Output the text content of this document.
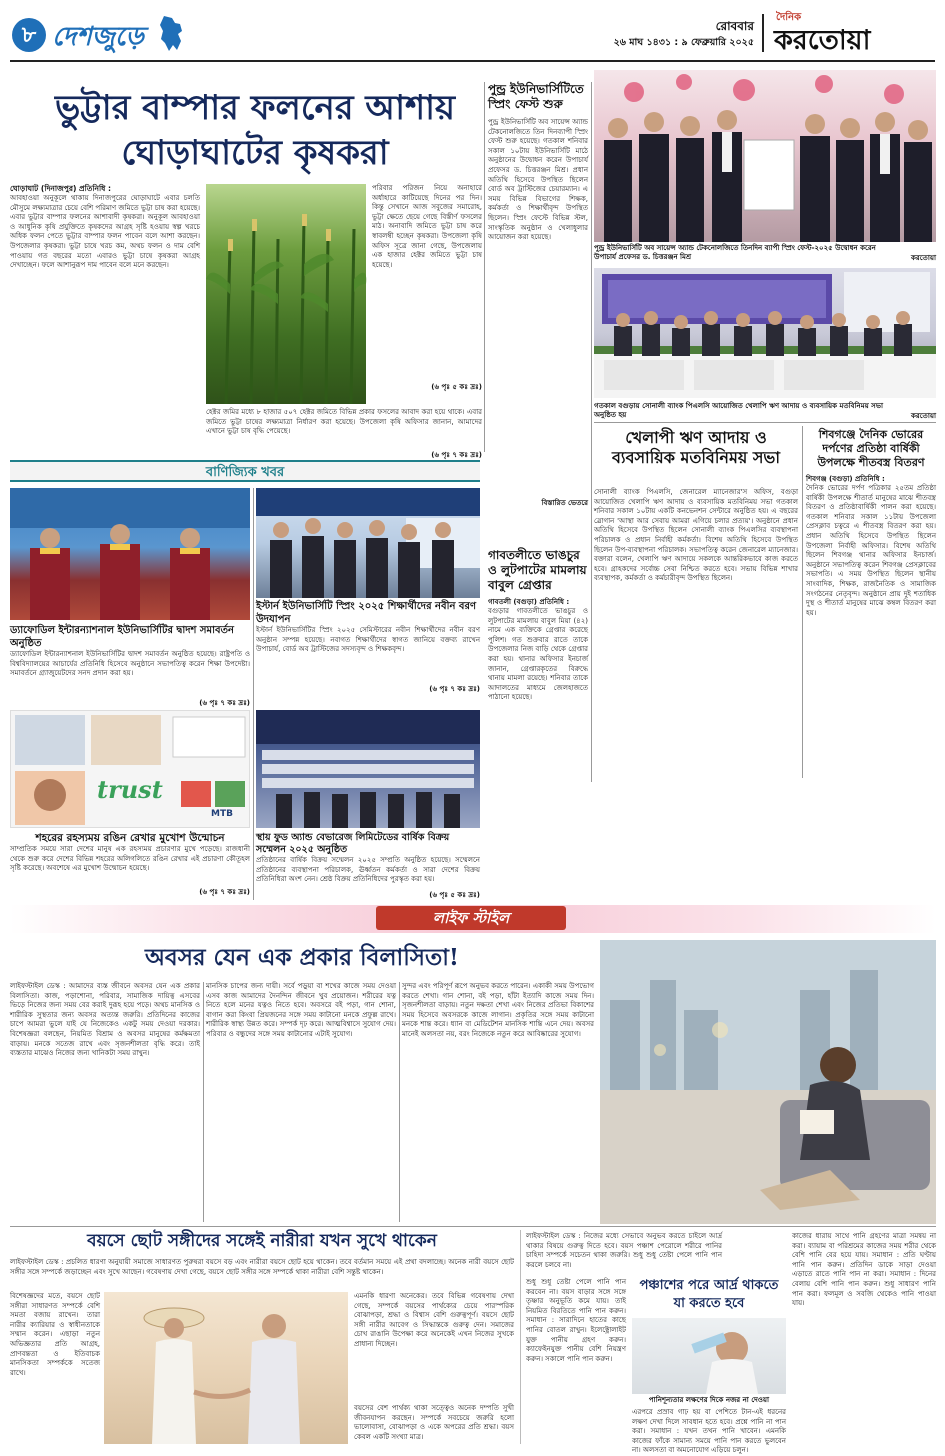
৮ দেশজুড়ে	রোববার
২৬ মাঘ ১৪৩১ : ৯ ফেব্রুয়ারি ২০২৫
দৈনিক
করতোয়া
ভুট্টার বাম্পার ফলনের আশায়
ঘোড়াঘাটের কৃষকরা
ঘোড়াঘাট (দিনাজপুর) প্রতিনিধি :
আবহাওয়া অনুকূলে থাকায় দিনাজপুরের ঘোড়াঘাটে এবার চলতি মৌসুমে লক্ষ্যমাত্রার চেয়ে বেশি পরিমাণ জমিতে ভুট্টা চাষ করা হয়েছে। এবার ভুট্টার বাম্পার ফলনের আশাবাদী কৃষকরা। অনুকূল আবহাওয়া ও আধুনিক কৃষি প্রযুক্তিতে কৃষকদের আগ্রহ সৃষ্টি হওয়ায় স্বল্প খরচে অধিক ফলন পেতে ভুট্টার বাম্পার ফলন পাবেন বলে আশা করছেন। উপজেলার কৃষকরা। ভুট্টা চাষে খরচ কম, অথচ ফলন ও দাম বেশি পাওয়ায় গত বছরের মতো এবারও ভুট্টা চাষে কৃষকরা আগ্রহ দেখাচ্ছেন। ফলে আশানুরূপ দাম পাবেন বলে মনে করছেন।
পরিবার পরিজন নিয়ে অনাহারে অর্ধাহারে কাটিয়েছে দিনের পর দিন। কিন্তু সেখানে আজ সবুজের সমারোহ, ভুট্টা ক্ষেতে ছেয়ে গেছে বিস্তীর্ণ ফসলের মাঠ। অনাবাদি জমিতে ভুট্টা চাষ করে স্বাবলম্বী হচ্ছেন কৃষকরা। উপজেলা কৃষি অফিস সূত্রে জানা গেছে, উপজেলায় এক হাজার হেক্টর জমিতে ভুট্টা চাষ হয়েছে।
(৬ পৃঃ ৫ কঃ দ্রঃ)
হেক্টর জমির মধ্যে ৮ হাজার ৫০৭ হেক্টর জমিতে বিভিন্ন প্রকার ফসলের আবাদ করা হয়ে থাকে। এবার জমিতে ভুট্টা চাষের লক্ষ্যমাত্রা নির্ধারণ করা হয়েছে। উপজেলা কৃষি অফিসার জানান, আমাদের এখানে ভুট্টা চাষ বৃদ্ধি পেয়েছে।
(৬ পৃঃ ৭ কঃ দ্রঃ)
পুন্ড্র ইউনিভার্সিটিতে স্প্রিং ফেস্ট শুরু
পুন্ড্র ইউনিভার্সিটি অব সায়েন্স অ্যান্ড টেকনোলজিতে তিন দিনব্যাপী স্প্রিং ফেস্ট শুরু হয়েছে। গতকাল শনিবার সকাল ১০টায় ইউনিভার্সিটি মাঠে অনুষ্ঠানের উদ্বোধন করেন উপাচার্য প্রফেসর ড. চিত্তরঞ্জন মিশ্র। প্রধান অতিথি হিসেবে উপস্থিত ছিলেন বোর্ড অব ট্রাস্টিজের চেয়ারম্যান। এ সময় বিভিন্ন বিভাগের শিক্ষক, কর্মকর্তা ও শিক্ষার্থীবৃন্দ উপস্থিত ছিলেন। স্প্রিং ফেস্টে বিভিন্ন স্টল, সাংস্কৃতিক অনুষ্ঠান ও খেলাধুলার আয়োজন করা হয়েছে।
বিস্তারিত ভেতরে
পুন্ড্র ইউনিভার্সিটি অব সায়েন্স অ্যান্ড টেকনোলজিতে তিনদিন ব্যাপী স্প্রিং ফেস্ট-২০২৫ উদ্বোধন করেন উপাচার্য প্রফেসর ড. চিত্তরঞ্জন মিশ্র	করতোয়া
গতকাল বগুড়ায় সোনালী ব্যাংক পিএলসি আয়োজিত খেলাপি ঋণ আদায় ও ব্যবসায়িক মতবিনিময় সভা অনুষ্ঠিত হয়	করতোয়া
গাবতলীতে ভাঙচুর ও লুটপাটের মামলায় বাবুল গ্রেপ্তার
গাবতলী (বগুড়া) প্রতিনিধি :
বগুড়ার গাবতলীতে ভাঙচুর ও লুটপাটের মামলায় বাবুল মিয়া (৪২) নামে এক ব্যক্তিকে গ্রেপ্তার করেছে পুলিশ। গত শুক্রবার রাতে তাকে উপজেলার নিজ বাড়ি থেকে গ্রেপ্তার করা হয়। থানার অফিসার ইনচার্জ জানান, গ্রেপ্তারকৃতের বিরুদ্ধে থানায় মামলা রয়েছে। শনিবার তাকে আদালতের মাধ্যমে জেলহাজতে পাঠানো হয়েছে।
খেলাপী ঋণ আদায় ও ব্যবসায়িক মতবিনিময় সভা
সোনালী ব্যাংক পিএলসি, জেনারেল ম্যানেজার'স অফিস, বগুড়া আয়োজিত খেলাপি ঋণ আদায় ও ব্যবসায়িক মতবিনিময় সভা গতকাল শনিবার সকাল ১০টায় একটি কনভেনশন সেন্টারে অনুষ্ঠিত হয়। এ বছরের স্লোগান 'আস্থা আর সেবায় আমরা এগিয়ে চলার প্রত্যয়'। অনুষ্ঠানে প্রধান অতিথি হিসেবে উপস্থিত ছিলেন সোনালী ব্যাংক পিএলসির ব্যবস্থাপনা পরিচালক ও প্রধান নির্বাহী কর্মকর্তা। বিশেষ অতিথি হিসেবে উপস্থিত ছিলেন উপ-ব্যবস্থাপনা পরিচালক। সভাপতিত্ব করেন জেনারেল ম্যানেজার। বক্তারা বলেন, খেলাপি ঋণ আদায়ে সকলকে আন্তরিকভাবে কাজ করতে হবে। গ্রাহকদের সর্বোচ্চ সেবা নিশ্চিত করতে হবে। সভায় বিভিন্ন শাখার ব্যবস্থাপক, কর্মকর্তা ও কর্মচারীবৃন্দ উপস্থিত ছিলেন।
শিবগঞ্জে দৈনিক ভোরের দর্পণের প্রতিষ্ঠা বার্ষিকী উপলক্ষে শীতবস্ত্র বিতরণ
শিবগঞ্জ (বগুড়া) প্রতিনিধি :
দৈনিক ভোরের দর্পণ পত্রিকার ২৫তম প্রতিষ্ঠা বার্ষিকী উপলক্ষে শীতার্ত মানুষের মাঝে শীতবস্ত্র বিতরণ ও প্রতিষ্ঠাবার্ষিকী পালন করা হয়েছে। গতকাল শনিবার সকাল ১১টায় উপজেলা প্রেসক্লাব চত্বরে এ শীতবস্ত্র বিতরণ করা হয়। প্রধান অতিথি হিসেবে উপস্থিত ছিলেন উপজেলা নির্বাহী অফিসার। বিশেষ অতিথি ছিলেন শিবগঞ্জ থানার অফিসার ইনচার্জ। অনুষ্ঠানে সভাপতিত্ব করেন শিবগঞ্জ প্রেসক্লাবের সভাপতি। এ সময় উপস্থিত ছিলেন স্থানীয় সাংবাদিক, শিক্ষক, রাজনৈতিক ও সামাজিক সংগঠনের নেতৃবৃন্দ। অনুষ্ঠানে প্রায় দুই শতাধিক দুস্থ ও শীতার্ত মানুষের মাঝে কম্বল বিতরণ করা হয়।
বাণিজ্যিক খবর
ড্যাফোডিল ইন্টারন্যাশনাল ইউনিভার্সিটির দ্বাদশ সমাবর্তন অনুষ্ঠিত
ড্যাফোডিল ইন্টারন্যাশনাল ইউনিভার্সিটির দ্বাদশ সমাবর্তন অনুষ্ঠিত হয়েছে। রাষ্ট্রপতি ও বিশ্ববিদ্যালয়ের আচার্যের প্রতিনিধি হিসেবে অনুষ্ঠানে সভাপতিত্ব করেন শিক্ষা উপদেষ্টা। সমাবর্তনে গ্র্যাজুয়েটদের সনদ প্রদান করা হয়।
(৬ পৃঃ ৭ কঃ দ্রঃ)
ইস্টার্ন ইউনিভার্সিটি স্প্রিং ২০২৫ শিক্ষার্থীদের নবীন বরণ উদযাপন
ইস্টার্ন ইউনিভার্সিটির স্প্রিং ২০২৫ সেমিস্টারের নবীন শিক্ষার্থীদের নবীন বরণ অনুষ্ঠান সম্পন্ন হয়েছে। নবাগত শিক্ষার্থীদের স্বাগত জানিয়ে বক্তব্য রাখেন উপাচার্য, বোর্ড অব ট্রাস্টিজের সদস্যবৃন্দ ও শিক্ষকবৃন্দ।
(৬ পৃঃ ৭ কঃ দ্রঃ)
trust
MTB
শহরের রহস্যময় রঙিন রেখার মুখোশ উন্মোচন
সাম্প্রতিক সময়ে সারা দেশের মানুষ এক রহস্যময় প্রচারণার মুখে পড়েছে। রাজধানী থেকে শুরু করে দেশের বিভিন্ন শহরের অলিগলিতে রঙিন রেখার এই প্রচারণা কৌতূহল সৃষ্টি করেছে। অবশেষে এর মুখোশ উন্মোচন হয়েছে।
(৬ পৃঃ ৭ কঃ দ্রঃ)
স্থায় ফুড অ্যান্ড বেভারেজ লিমিটেডের বার্ষিক বিক্রয় সম্মেলন ২০২৫ অনুষ্ঠিত
প্রতিষ্ঠানের বার্ষিক বিক্রয় সম্মেলন ২০২৫ সম্প্রতি অনুষ্ঠিত হয়েছে। সম্মেলনে প্রতিষ্ঠানের ব্যবস্থাপনা পরিচালক, ঊর্ধ্বতন কর্মকর্তা ও সারা দেশের বিক্রয় প্রতিনিধিরা অংশ নেন। শ্রেষ্ঠ বিক্রয় প্রতিনিধিদের পুরস্কৃত করা হয়।
(৬ পৃঃ ৫ কঃ দ্রঃ)
লাইফ স্টাইল
অবসর যেন এক প্রকার বিলাসিতা!
লাইফস্টাইল ডেস্ক : আমাদের ব্যস্ত জীবনে অবসর যেন এক প্রকার বিলাসিতা। কাজ, পড়াশোনা, পরিবার, সামাজিক দায়িত্ব এসবের ভিড়ে নিজের জন্য সময় বের করাই দুরূহ হয়ে পড়ে। অথচ মানসিক ও শারীরিক সুস্থতার জন্য অবসর অত্যন্ত জরুরি। প্রতিদিনের কাজের চাপে আমরা ভুলে যাই যে নিজেকেও একটু সময় দেওয়া দরকার। বিশেষজ্ঞরা বলছেন, নিয়মিত বিশ্রাম ও অবসর মানুষের কর্মক্ষমতা বাড়ায়। মনকে সতেজ রাখে এবং সৃজনশীলতা বৃদ্ধি করে। তাই ব্যস্ততার মাঝেও নিজের জন্য খানিকটা সময় রাখুন।
মানসিক চাপের জন্য দায়ী। সর্বে পড়ুয়া বা শখের কাজে সময় দেওয়া এসব কাজ আমাদের দৈনন্দিন জীবনে খুব প্রয়োজন। শরীরের যত্ন নিতে হলে মনের যত্নও নিতে হবে। অবসরে বই পড়া, গান শোনা, বাগান করা কিংবা প্রিয়জনের সঙ্গে সময় কাটানো মনকে প্রফুল্ল রাখে। শারীরিক স্বাস্থ্য উন্নত করে। সম্পর্ক দৃঢ় করে। আত্মবিশ্বাসে সুযোগ দেয়। পরিবার ও বন্ধুদের সঙ্গে সময় কাটানোর এটাই সুযোগ।
সুন্দর এবং পরিপূর্ণ রূপে অনুভব করতে পারেন। একাকী সময় উপভোগ করতে শেখা। গান শোনা, বই পড়া, হাঁটা ইত্যাদি কাজে সময় দিন। সৃজনশীলতা বাড়ায়। নতুন দক্ষতা শেখা এবং নিজের প্রতিভা বিকাশের সময় হিসেবে অবসরকে কাজে লাগান। প্রকৃতির সঙ্গে সময় কাটানো মনকে শান্ত করে। ধ্যান বা মেডিটেশন মানসিক শান্তি এনে দেয়। অবসর মানেই অলসতা নয়, বরং নিজেকে নতুন করে আবিষ্কারের সুযোগ।
বয়সে ছোট সঙ্গীদের সঙ্গেই নারীরা যখন সুখে থাকেন
লাইফস্টাইল ডেস্ক : প্রচলিত ধারণা অনুযায়ী সমাজে সাধারণত পুরুষরা বয়সে বড় এবং নারীরা বয়সে ছোট হয়ে থাকেন। তবে বর্তমান সময়ে এই প্রথা বদলাচ্ছে। অনেক নারী বয়সে ছোট সঙ্গীর সঙ্গে সম্পর্কে জড়াচ্ছেন এবং সুখে আছেন। গবেষণায় দেখা গেছে, বয়সে ছোট সঙ্গীর সঙ্গে সম্পর্কে থাকা নারীরা বেশি সন্তুষ্ট থাকেন।
বিশেষজ্ঞদের মতে, বয়সে ছোট সঙ্গীরা সাধারণত সম্পর্কে বেশি সমতা বজায় রাখেন। তারা নারীর ক্যারিয়ার ও স্বাধীনতাকে সম্মান করেন। এছাড়া নতুন অভিজ্ঞতার প্রতি আগ্রহ, প্রাণবন্ততা ও ইতিবাচক মানসিকতা সম্পর্ককে সতেজ রাখে।
এমনকি ধারণা অনেকের। তবে বিভিন্ন গবেষণায় দেখা গেছে, সম্পর্কে বয়সের পার্থক্যের চেয়ে পারস্পরিক বোঝাপড়া, শ্রদ্ধা ও বিশ্বাস বেশি গুরুত্বপূর্ণ। বয়সে ছোট সঙ্গী নারীর আবেগ ও সিদ্ধান্তকে গুরুত্ব দেন। সমাজের চোখ রাঙানি উপেক্ষা করে অনেকেই এখন নিজের সুখকে প্রাধান্য দিচ্ছেন।
বয়সের বেশ পার্থক্য থাকা সত্ত্বেও অনেক দম্পতি সুখী জীবনযাপন করছেন। সম্পর্কে সবচেয়ে জরুরি হলো ভালোবাসা, বোঝাপড়া ও একে অপরের প্রতি শ্রদ্ধা। বয়স কেবল একটি সংখ্যা মাত্র।
লাইফস্টাইল ডেস্ক : নিজের মধ্যে সেভাবে অনুভব করতে চাইলে আর্দ্র থাকার বিষয়ে গুরুত্ব দিতে হবে। বয়স পঞ্চাশ পেরোলে শরীরে পানির চাহিদা সম্পর্কে সচেতন থাকা জরুরি। শুধু শুধু তেষ্টা পেলে পানি পান করলে চলবে না।
শুধু শুধু তেষ্টা পেলে পানি পান করবেন না। বয়স বাড়ার সঙ্গে সঙ্গে তৃষ্ণার অনুভূতি কমে যায়। তাই নিয়মিত বিরতিতে পানি পান করুন। সমাধান : সারাদিনে হাতের কাছে পানির বোতল রাখুন। ইলেক্ট্রোলাইট যুক্ত পানীয় গ্রহণ করুন। ক্যাফেইনযুক্ত পানীয় বেশি নিয়ন্ত্রণ করুন। সকালে পানি পান করুন।
পঞ্চাশের পরে আর্দ্র থাকতে
যা করতে হবে
পানিশূন্যতার লক্ষণের দিকে নজর না দেওয়া
এরপরে প্রস্রাব গাঢ় হয় বা পেশিতে টান-এই ধরনের লক্ষণ দেখা দিলে সাবধান হতে হবে। প্রশ্নে পানি না পান করা। সমাধান : যখন তখন পানি খাবেন। এমনকি কাজের ফাঁকে সামান্য সময়ে পানি পান করতে ভুলবেন না। অলসতা বা অমনোযোগ এড়িয়ে চলুন।
কাজের ধারায় সাথে পানি গ্রহণের মাত্রা সমন্বয় না করা। ব্যায়াম বা পরিশ্রমের কাজের সময় শরীর থেকে বেশি পানি বের হয়ে যায়। সমাধান : প্রতি ঘণ্টায় পানি পান করুন। প্রতিদিন ডাকে সাড়া দেওয়া এড়াতে রাতে পানি পান না করা। সমাধান : দিনের বেলায় বেশি পানি পান করুন। শুধু সাধারণ পানি পান করা। ফলমূল ও সবজি থেকেও পানি পাওয়া যায়।
